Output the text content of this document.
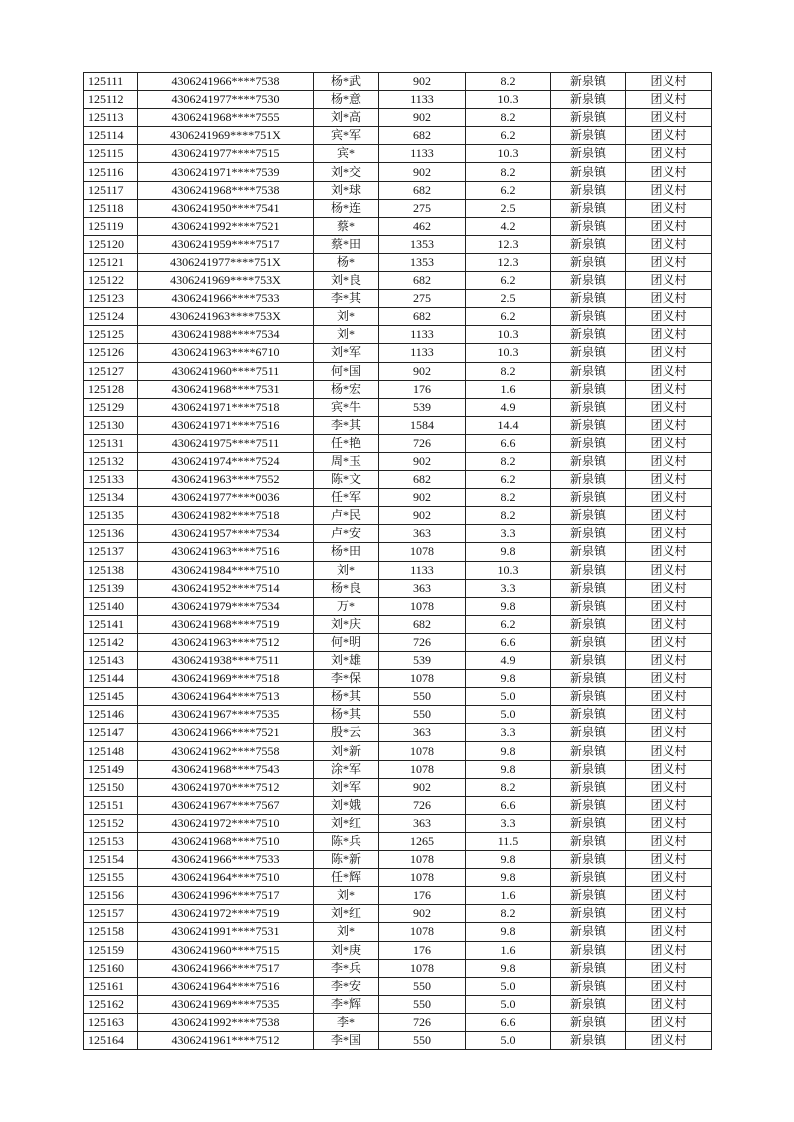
125111	4306241966****7538	杨*武	902	8.2	新泉镇	团义村
125112	4306241977****7530	杨*意	1133	10.3	新泉镇	团义村
125113	4306241968****7555	刘*高	902	8.2	新泉镇	团义村
125114	4306241969****751X	宾*军	682	6.2	新泉镇	团义村
125115	4306241977****7515	宾*	1133	10.3	新泉镇	团义村
125116	4306241971****7539	刘*交	902	8.2	新泉镇	团义村
125117	4306241968****7538	刘*球	682	6.2	新泉镇	团义村
125118	4306241950****7541	杨*连	275	2.5	新泉镇	团义村
125119	4306241992****7521	蔡*	462	4.2	新泉镇	团义村
125120	4306241959****7517	蔡*田	1353	12.3	新泉镇	团义村
125121	4306241977****751X	杨*	1353	12.3	新泉镇	团义村
125122	4306241969****753X	刘*良	682	6.2	新泉镇	团义村
125123	4306241966****7533	李*其	275	2.5	新泉镇	团义村
125124	4306241963****753X	刘*	682	6.2	新泉镇	团义村
125125	4306241988****7534	刘*	1133	10.3	新泉镇	团义村
125126	4306241963****6710	刘*军	1133	10.3	新泉镇	团义村
125127	4306241960****7511	何*国	902	8.2	新泉镇	团义村
125128	4306241968****7531	杨*宏	176	1.6	新泉镇	团义村
125129	4306241971****7518	宾*牛	539	4.9	新泉镇	团义村
125130	4306241971****7516	李*其	1584	14.4	新泉镇	团义村
125131	4306241975****7511	任*艳	726	6.6	新泉镇	团义村
125132	4306241974****7524	周*玉	902	8.2	新泉镇	团义村
125133	4306241963****7552	陈*文	682	6.2	新泉镇	团义村
125134	4306241977****0036	任*军	902	8.2	新泉镇	团义村
125135	4306241982****7518	卢*民	902	8.2	新泉镇	团义村
125136	4306241957****7534	卢*安	363	3.3	新泉镇	团义村
125137	4306241963****7516	杨*田	1078	9.8	新泉镇	团义村
125138	4306241984****7510	刘*	1133	10.3	新泉镇	团义村
125139	4306241952****7514	杨*良	363	3.3	新泉镇	团义村
125140	4306241979****7534	万*	1078	9.8	新泉镇	团义村
125141	4306241968****7519	刘*庆	682	6.2	新泉镇	团义村
125142	4306241963****7512	何*明	726	6.6	新泉镇	团义村
125143	4306241938****7511	刘*雄	539	4.9	新泉镇	团义村
125144	4306241969****7518	李*保	1078	9.8	新泉镇	团义村
125145	4306241964****7513	杨*其	550	5.0	新泉镇	团义村
125146	4306241967****7535	杨*其	550	5.0	新泉镇	团义村
125147	4306241966****7521	殷*云	363	3.3	新泉镇	团义村
125148	4306241962****7558	刘*新	1078	9.8	新泉镇	团义村
125149	4306241968****7543	涂*军	1078	9.8	新泉镇	团义村
125150	4306241970****7512	刘*军	902	8.2	新泉镇	团义村
125151	4306241967****7567	刘*娥	726	6.6	新泉镇	团义村
125152	4306241972****7510	刘*红	363	3.3	新泉镇	团义村
125153	4306241968****7510	陈*兵	1265	11.5	新泉镇	团义村
125154	4306241966****7533	陈*新	1078	9.8	新泉镇	团义村
125155	4306241964****7510	任*辉	1078	9.8	新泉镇	团义村
125156	4306241996****7517	刘*	176	1.6	新泉镇	团义村
125157	4306241972****7519	刘*红	902	8.2	新泉镇	团义村
125158	4306241991****7531	刘*	1078	9.8	新泉镇	团义村
125159	4306241960****7515	刘*庚	176	1.6	新泉镇	团义村
125160	4306241966****7517	李*兵	1078	9.8	新泉镇	团义村
125161	4306241964****7516	李*安	550	5.0	新泉镇	团义村
125162	4306241969****7535	李*辉	550	5.0	新泉镇	团义村
125163	4306241992****7538	李*	726	6.6	新泉镇	团义村
125164	4306241961****7512	李*国	550	5.0	新泉镇	团义村
